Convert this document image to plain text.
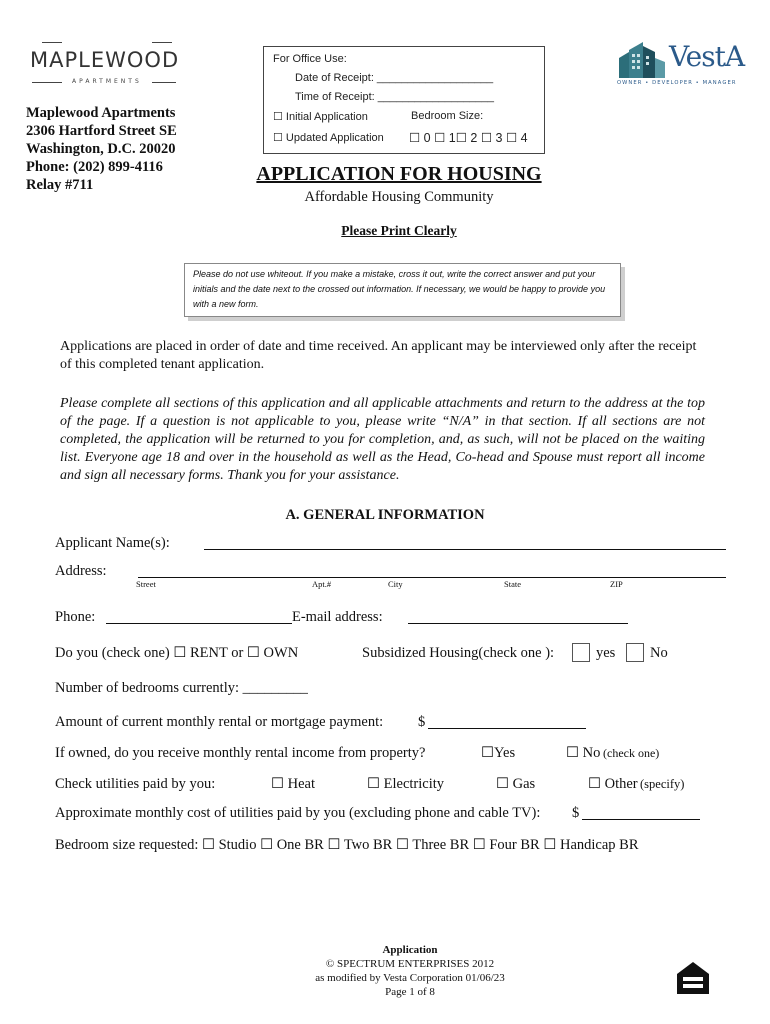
MAPLEWOOD
APARTMENTS
Maplewood Apartments
2306 Hartford Street SE
Washington, D.C. 20020
Phone: (202) 899-4116
Relay #711
For Office Use:
Date of Receipt: ___________________
Time of Receipt: ___________________
☐ Initial Application	Bedroom Size:
☐ Updated Application ☐ 0 ☐ 1☐ 2 ☐ 3 ☐ 4
VestA
OWNER • DEVELOPER • MANAGER
APPLICATION FOR HOUSING
Affordable Housing Community
Please Print Clearly
Please do not use whiteout. If you make a mistake, cross it out, write the correct answer and put your initials and the date next to the crossed out information. If necessary, we would be happy to provide you with a new form.
Applications are placed in order of date and time received. An applicant may be interviewed only after the receipt of this completed tenant application.
Please complete all sections of this application and all applicable attachments and return to the address at the top of the page. If a question is not applicable to you, please write “N/A” in that section. If all sections are not completed, the application will be returned to you for completion, and, as such, will not be placed on the waiting list. Everyone age 18 and over in the household as well as the Head, Co-head and Spouse must report all income and sign all necessary forms. Thank you for your assistance.
A. GENERAL INFORMATION
Applicant Name(s):
Address:
Street	Apt.#	City	State	ZIP
Phone:	E-mail address:
Do you (check one) ☐ RENT or ☐ OWN	Subsidized Housing(check one ):	yes No
Number of bedrooms currently: _________
Amount of current monthly rental or mortgage payment: $
If owned, do you receive monthly rental income from property?	☐Yes	☐ No (check one)
Check utilities paid by you:	☐ Heat	☐ Electricity	☐ Gas	☐ Other (specify)
Approximate monthly cost of utilities paid by you (excluding phone and cable TV): $
Bedroom size requested: ☐ Studio ☐ One BR ☐ Two BR ☐ Three BR ☐ Four BR ☐ Handicap BR
Application
© SPECTRUM ENTERPRISES 2012
as modified by Vesta Corporation 01/06/23
Page 1 of 8
